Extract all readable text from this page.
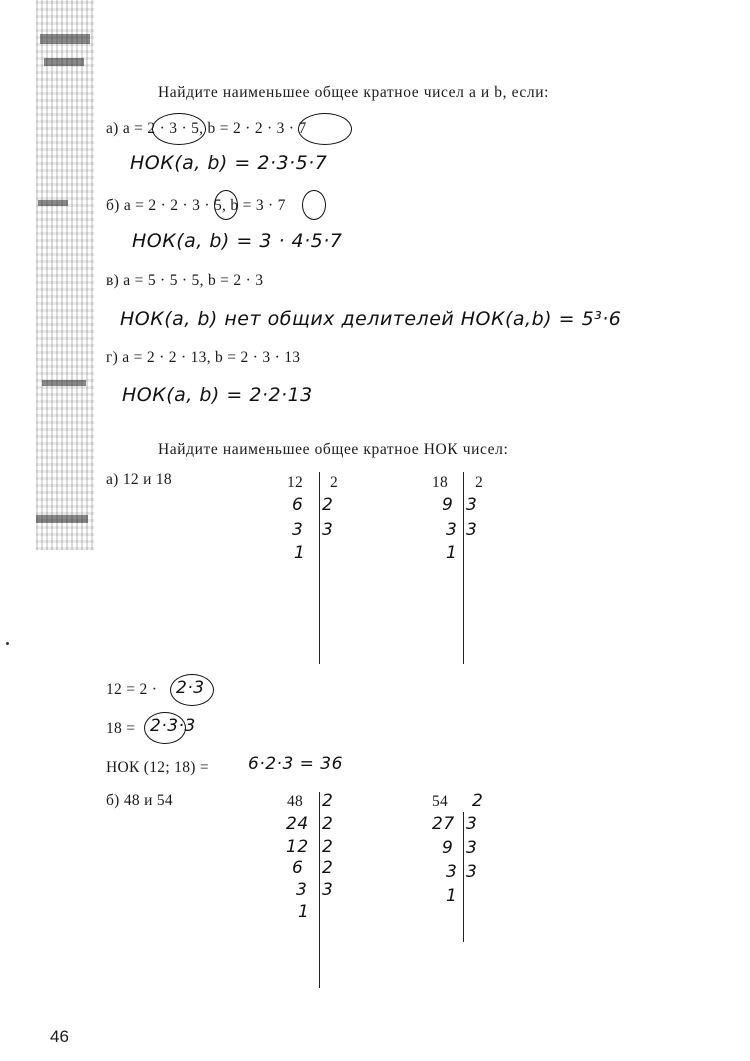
Найдите наименьшее общее кратное чисел a и b, если:
а) a = 2 · 3 · 5, b = 2 · 2 · 3 · 7
НОК(a, b) = 2·3·5·7
б) a = 2 · 2 · 3 · 5, b = 3 · 7
НОК(a, b) = 3 · 4·5·7
в) a = 5 · 5 · 5, b = 2 · 3
НОК(a, b) нет общих делителей НОК(a,b) = 5³·6
г) a = 2 · 2 · 13, b = 2 · 3 · 13
НОК(a, b) = 2·2·13
Найдите наименьшее общее кратное НОК чисел:
а) 12 и 18	12 2
6 2
3 3
1
18 2
9 3
3 3
1
12 = 2 · 2·3
18 = 2·3·3
НОК (12; 18) = 6·2·3 = 36
б) 48 и 54	48 2
24 2
12 2
6 2
3 3
1
54 2
27 3
9 3
3 3
1
46
